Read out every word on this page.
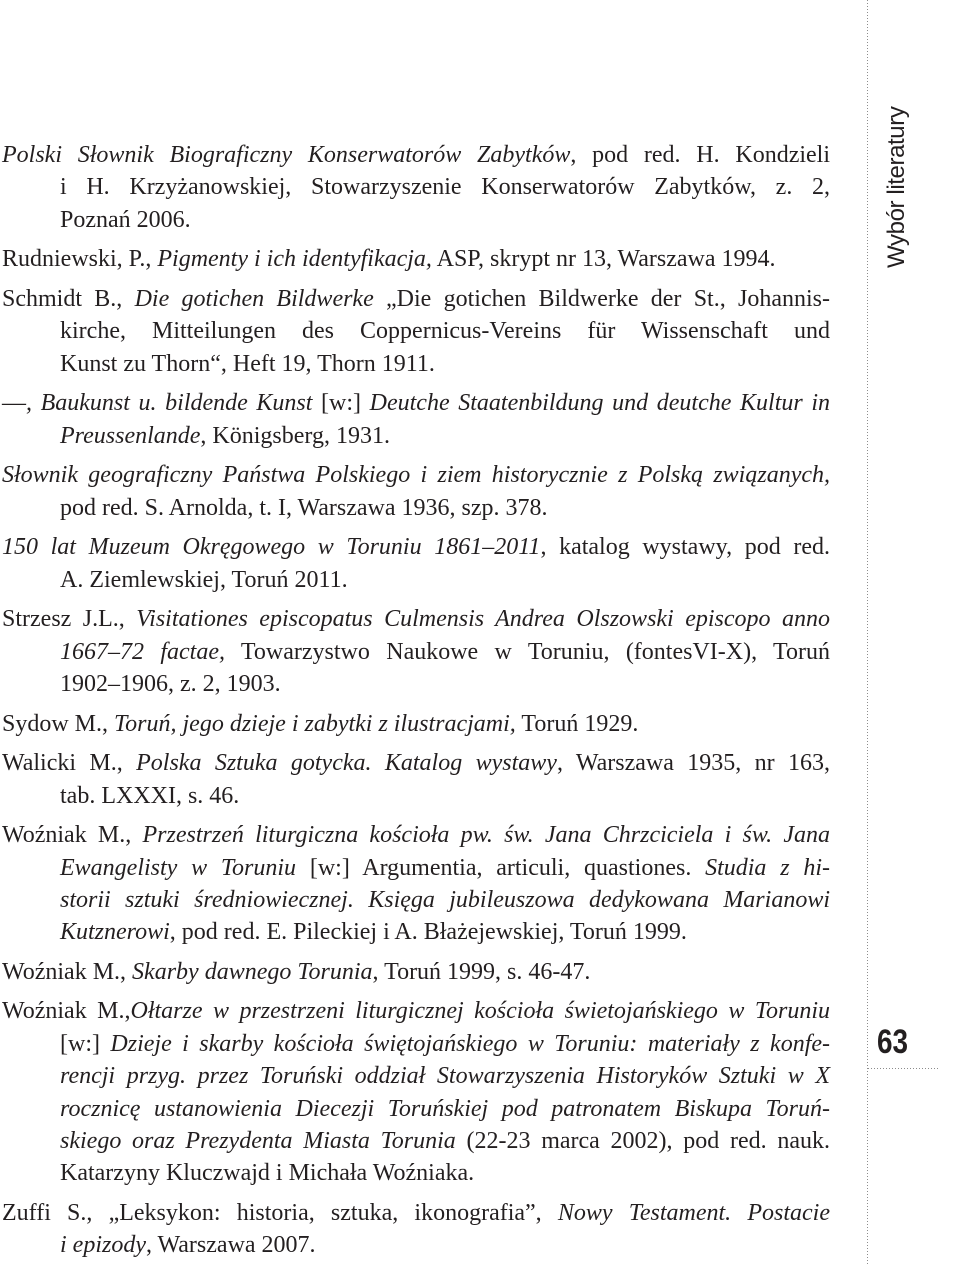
Wybór literatury
63
Polski Słownik Biograficzny Konserwatorów Zabytków, pod red. H. Kondzieli
i H. Krzyżanowskiej, Stowarzyszenie Konserwatorów Zabytków, z. 2,
Poznań 2006.
Rudniewski, P., Pigmenty i ich identyfikacja, ASP, skrypt nr 13, Warszawa 1994.
Schmidt B., Die gotichen Bildwerke „Die gotichen Bildwerke der St., Johannis-
kirche, Mitteilungen des Coppernicus-Vereins für Wissenschaft und
Kunst zu Thorn“, Heft 19, Thorn 1911.
—, Baukunst u. bildende Kunst [w:] Deutche Staatenbildung und deutche Kultur in
Preussenlande, Königsberg, 1931.
Słownik geograficzny Państwa Polskiego i ziem historycznie z Polską związanych,
pod red. S. Arnolda, t. I, Warszawa 1936, szp. 378.
150 lat Muzeum Okręgowego w Toruniu 1861–2011, katalog wystawy, pod red.
A. Ziemlewskiej, Toruń 2011.
Strzesz J.L., Visitationes episcopatus Culmensis Andrea Olszowski episcopo anno
1667–72 factae, Towarzystwo Naukowe w Toruniu, (fontesVI-X), Toruń
1902–1906, z. 2, 1903.
Sydow M., Toruń, jego dzieje i zabytki z ilustracjami, Toruń 1929.
Walicki M., Polska Sztuka gotycka. Katalog wystawy, Warszawa 1935, nr 163,
tab. LXXXI, s. 46.
Woźniak M., Przestrzeń liturgiczna kościoła pw. św. Jana Chrzciciela i św. Jana
Ewangelisty w Toruniu [w:] Argumentia, articuli, quastiones. Studia z hi-
storii sztuki średniowiecznej. Księga jubileuszowa dedykowana Marianowi
Kutznerowi, pod red. E. Pileckiej i A. Błażejewskiej, Toruń 1999.
Woźniak M., Skarby dawnego Torunia, Toruń 1999, s. 46-47.
Woźniak M.,Ołtarze w przestrzeni liturgicznej kościoła świetojańskiego w Toruniu
[w:] Dzieje i skarby kościoła świętojańskiego w Toruniu: materiały z konfe-
rencji przyg. przez Toruński oddział Stowarzyszenia Historyków Sztuki w X
rocznicę ustanowienia Diecezji Toruńskiej pod patronatem Biskupa Toruń-
skiego oraz Prezydenta Miasta Torunia (22-23 marca 2002), pod red. nauk.
Katarzyny Kluczwajd i Michała Woźniaka.
Zuffi S., „Leksykon: historia, sztuka, ikonografia”, Nowy Testament. Postacie
i epizody, Warszawa 2007.
